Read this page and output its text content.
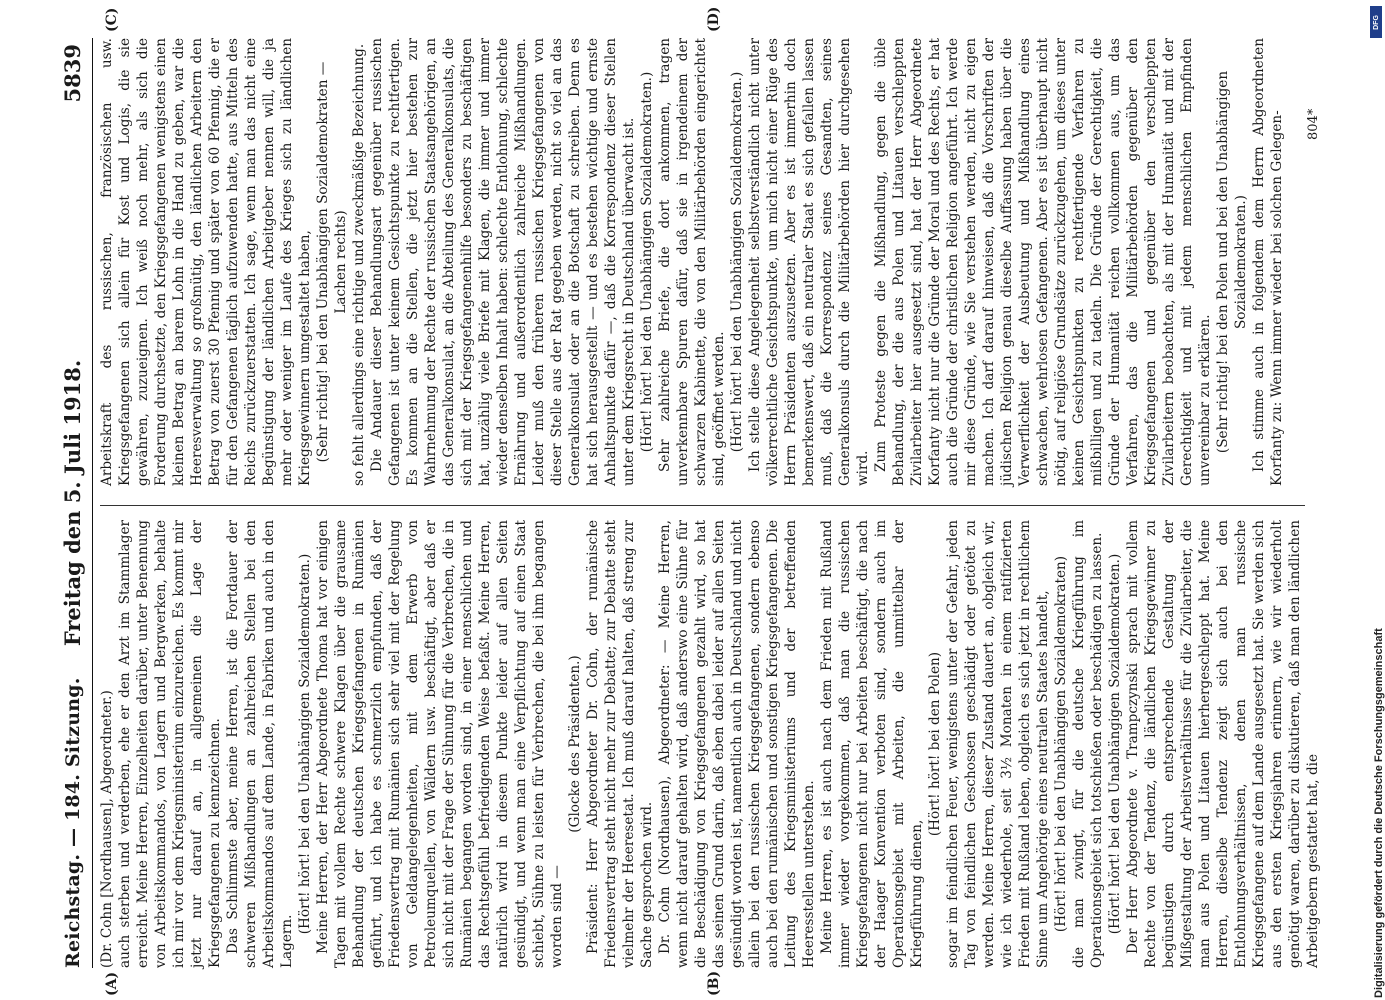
Reichstag. — 184. Sitzung.
Freitag den 5. Juli 1918.
5839
(A)	(B)
(C)	(D)

(Dr. Cohn [Nordhausen], Abgeordneter.) auch sterben und verderben, ehe er den Arzt im Stammlager erreicht. Meine Herren, Einzelheiten darüber, unter Benennung von Arbeitskommandos, von Lagern und Bergwerken, behalte ich mir vor dem Kriegsministerium einzureichen. Es kommt mir jetzt nur darauf an, in allgemeinen die Lage der Kriegsgefangenen zu kennzeichnen. Das Schlimmste aber, meine Herren, ist die Fortdauer der schweren Mißhandlungen an zahlreichen Stellen bei den Arbeitskommandos auf dem Lande, in Fabriken und auch in den Lagern.

(Hört! hört! bei den Unabhängigen Sozialdemokraten.) Meine Herren, der Herr Abgeordnete Thoma hat vor einigen Tagen mit vollem Rechte schwere Klagen über die grausame Behandlung der deutschen Kriegsgefangenen in Rumänien geführt, und ich habe es schmerzlich empfunden, daß der Friedensvertrag mit Rumänien sich sehr viel mit der Regelung von Geldangelegenheiten, mit dem Erwerb von Petroleumquellen, von Wäldern usw. beschäftigt, aber daß er sich nicht mit der Frage der Sühnung für die Verbrechen, die in Rumänien begangen worden sind, in einer menschlichen und das Rechtsgefühl befriedigenden Weise befaßt. Meine Herren, natürlich wird in diesem Punkte leider auf allen Seiten gesündigt, und wenn man eine Verpflichtung auf einen Staat schiebt, Sühne zu leisten für Verbrechen, die bei ihm begangen worden sind —

(Glocke des Präsidenten.) Präsident: Herr Abgeordneter Dr. Cohn, der rumänische Friedensvertrag steht nicht mehr zur Debatte; zur Debatte steht vielmehr der Heeresetat. Ich muß darauf halten, daß streng zur Sache gesprochen wird. Dr. Cohn (Nordhausen), Abgeordneter: — Meine Herren, wenn nicht darauf gehalten wird, daß anderswo eine Sühne für die Beschädigung von Kriegsgefangenen gezahlt wird, so hat das seinen Grund darin, daß eben dabei leider auf allen Seiten gesündigt worden ist, namentlich auch in Deutschland und nicht allein bei den russischen Kriegsgefangenen, sondern ebenso auch bei den rumänischen und sonstigen Kriegsgefangenen. Die Leitung des Kriegsministeriums und der betreffenden Heeresstellen unterstehen. Meine Herren, es ist auch nach dem Frieden mit Rußland immer wieder vorgekommen, daß man die russischen Kriegsgefangenen nicht nur bei Arbeiten beschäftigt, die nach der Haager Konvention verboten sind, sondern auch im Operationsgebiet mit Arbeiten, die unmittelbar der Kriegführung dienen,

(Hört! hört! bei den Polen) sogar im feindlichen Feuer, wenigstens unter der Gefahr, jeden Tag von feindlichen Geschossen geschädigt oder getötet zu werden. Meine Herren, dieser Zustand dauert an, obgleich wir, wie ich wiederhole, seit 3½ Monaten in einem ratifizierten Frieden mit Rußland leben, obgleich es sich jetzt in rechtlichem Sinne um Angehörige eines neutralen Staates handelt, (Hört! hört! bei den Unabhängigen Sozialdemokraten) die man zwingt, für die deutsche Kriegführung im Operationsgebiet sich totschießen oder beschädigen zu lassen. (Hört! hört! bei den Unabhängigen Sozialdemokraten.) Der Herr Abgeordnete v. Trampczynski sprach mit vollem Rechte von der Tendenz, die ländlichen Kriegsgewinner zu begünstigen durch entsprechende Gestaltung der Mißgestaltung der Arbeitsverhältnisse für die Zivilarbeiter, die man aus Polen und Litauen hierhergeschleppt hat. Meine Herren, dieselbe Tendenz zeigt sich auch bei den Entlohnungsverhältnissen, denen man russische Kriegsgefangene auf dem Lande ausgesetzt hat. Sie werden sich aus den ersten Kriegsjahren erinnern, wie wir wiederholt genötigt waren, darüber zu diskutieren, daß man den ländlichen Arbeitgebern gestattet hat, die

Arbeitskraft des russischen, französischen usw. Kriegsgefangenen sich allein für Kost und Logis, die sie gewähren, zuzueignen. Ich weiß noch mehr, als sich die Forderung durchsetzte, den Kriegsgefangenen wenigstens einen kleinen Betrag an barem Lohn in die Hand zu geben, war die Heeresverwaltung so großmütig, den ländlichen Arbeitern den Betrag von zuerst 30 Pfennig und später von 60 Pfennig, die er für den Gefangenen täglich aufzuwenden hatte, aus Mitteln des Reichs zurückzuerstatten. Ich sage, wenn man das nicht eine Begünstigung der ländlichen Arbeitgeber nennen will, die ja mehr oder weniger im Laufe des Krieges sich zu ländlichen Kriegsgewinnern umgestaltet haben, (Sehr richtig! bei den Unabhängigen Sozialdemokraten — Lachen rechts) so fehlt allerdings eine richtige und zweckmäßige Bezeichnung. Die Andauer dieser Behandlungsart gegenüber russischen Gefangenen ist unter keinem Gesichtspunkte zu rechtfertigen. Es kommen an die Stellen, die jetzt hier bestehen zur Wahrnehmung der Rechte der russischen Staatsangehörigen, an das Generalkonsulat, an die Abteilung des Generalkonsulats, die sich mit der Kriegsgefangenenhilfe besonders zu beschäftigen hat, unzählig viele Briefe mit Klagen, die immer und immer wieder denselben Inhalt haben: schlechte Entlohnung, schlechte Ernährung und außerordentlich zahlreiche Mißhandlungen. Leider muß den früheren russischen Kriegsgefangenen von dieser Stelle aus der Rat gegeben werden, nicht so viel an das Generalkonsulat oder an die Botschaft zu schreiben. Denn es hat sich herausgestellt — und es bestehen wichtige und ernste Anhaltspunkte dafür —, daß die Korrespondenz dieser Stellen unter dem Kriegsrecht in Deutschland überwacht ist. (Hört! hört! bei den Unabhängigen Sozialdemokraten.) Sehr zahlreiche Briefe, die dort ankommen, tragen unverkennbare Spuren dafür, daß sie in irgendeinem der schwarzen Kabinette, die von den Militärbehörden eingerichtet sind, geöffnet werden. (Hört! hört! bei den Unabhängigen Sozialdemokraten.) Ich stelle diese Angelegenheit selbstverständlich nicht unter völkerrechtliche Gesichtspunkte, um mich nicht einer Rüge des Herrn Präsidenten auszusetzen. Aber es ist immerhin doch bemerkenswert, daß ein neutraler Staat es sich gefallen lassen muß, daß die Korrespondenz seines Gesandten, seines Generalkonsuls durch die Militärbehörden hier durchgesehen wird. Zum Proteste gegen die Mißhandlung, gegen die üble Behandlung, der die aus Polen und Litauen verschleppten Zivilarbeiter hier ausgesetzt sind, hat der Herr Abgeordnete Korfanty nicht nur die Gründe der Moral und des Rechts, er hat auch die Gründe der christlichen Religion angeführt. Ich werde mir diese Gründe, wie Sie verstehen werden, nicht zu eigen machen. Ich darf darauf hinweisen, daß die Vorschriften der jüdischen Religion genau dieselbe Auffassung haben über die Verwerflichkeit der Ausbeutung und Mißhandlung eines schwachen, wehrlosen Gefangenen. Aber es ist überhaupt nicht nötig, auf religiöse Grundsätze zurückzugehen, um dieses unter keinen Gesichtspunkten zu rechtfertigende Verfahren zu mißbilligen und zu tadeln. Die Gründe der Gerechtigkeit, die Gründe der Humanität reichen vollkommen aus, um das Verfahren, das die Militärbehörden gegenüber den Kriegsgefangenen und gegenüber den verschleppten Zivilarbeitern beobachten, als mit der Humanität und mit der Gerechtigkeit und mit jedem menschlichen Empfinden unvereinbar zu erklären. (Sehr richtig! bei den Polen und bei den Unabhängigen Sozialdemokraten.) Ich stimme auch in folgendem dem Herrn Abgeordneten Korfanty zu: Wenn immer wieder bei solchen Gelegen- 804*
Digitalisierung gefördert durch die Deutsche Forschungsgemeinschaft
DFG
